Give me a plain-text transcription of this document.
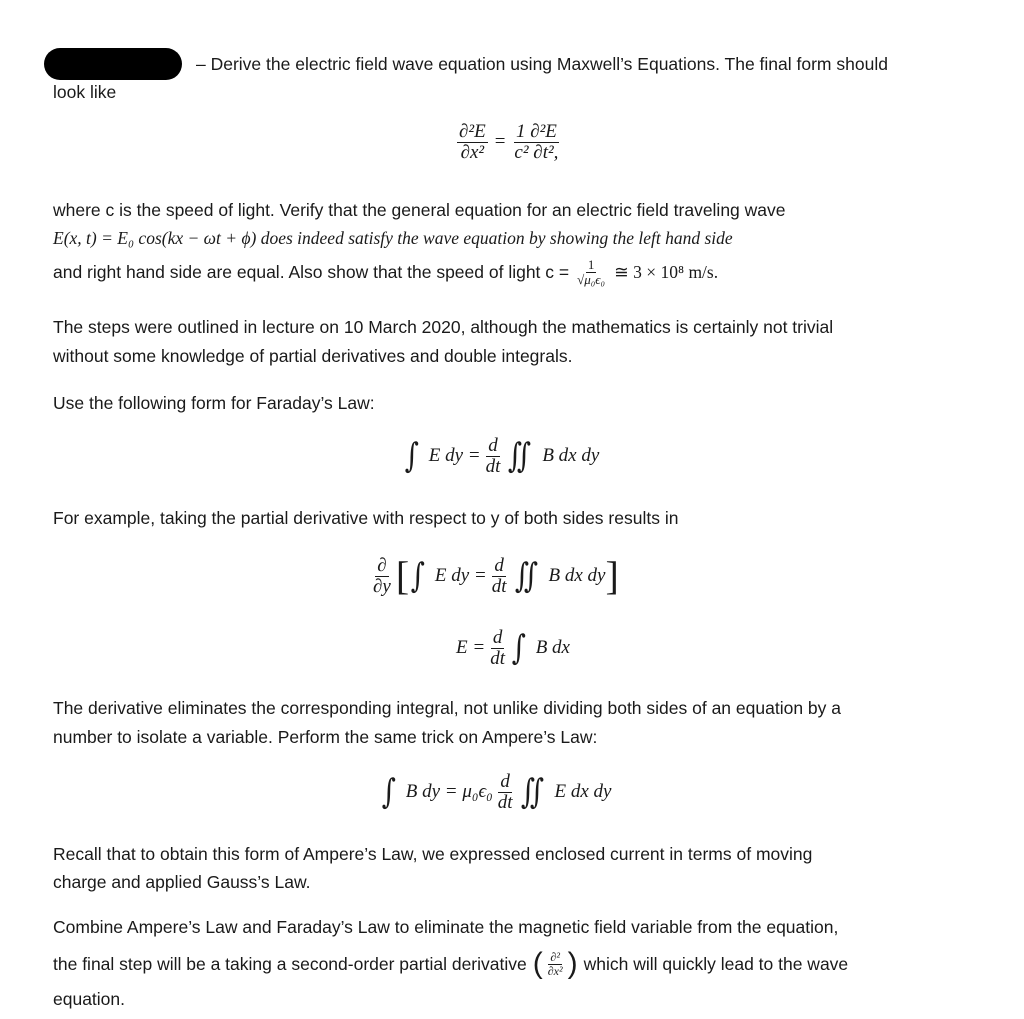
– Derive the electric field wave equation using Maxwell’s Equations. The final form should
look like
$\frac{\text{∂²E}}{\text{∂x²}} = \frac{\text{1 ∂²E}}{\text{c² ∂t²,}}$
where c is the speed of light. Verify that the general equation for an electric field traveling wave
E(x, t) = E₀ cos(kx − ωt + ϕ) does indeed satisfy the wave equation by showing the left hand side
and right hand side are equal. Also show that the speed of light $c = \frac{1}{\text{√μ₀ϵ₀}}$ ≅ 3 × 10⁸ m/s.
The steps were outlined in lecture on 10 March 2020, although the mathematics is certainly not trivial
without some knowledge of partial derivatives and double integrals.
Use the following form for Faraday’s Law:
∫ E dy = $\frac{d}{dt}$ ∬ B dx dy
For example, taking the partial derivative with respect to y of both sides results in
$\frac{\partial}{\partial y}$ [ ∫ E dy = $\frac{d}{dt}$ ∬ B dx dy ]
$E = \frac{d}{dt}$ ∫ B dx
The derivative eliminates the corresponding integral, not unlike dividing both sides of an equation by a
number to isolate a variable. Perform the same trick on Ampere’s Law:
∫ B dy = $\mu_0\epsilon_0 \frac{d}{dt}$ ∬ E dx dy
Recall that to obtain this form of Ampere’s Law, we expressed enclosed current in terms of moving
charge and applied Gauss’s Law.
Combine Ampere’s Law and Faraday’s Law to eliminate the magnetic field variable from the equation,
the final step will be a taking a second-order partial derivative ( $\frac{\text{∂²}}{\text{∂x²}}$ ) which will quickly lead to the wave
equation.
